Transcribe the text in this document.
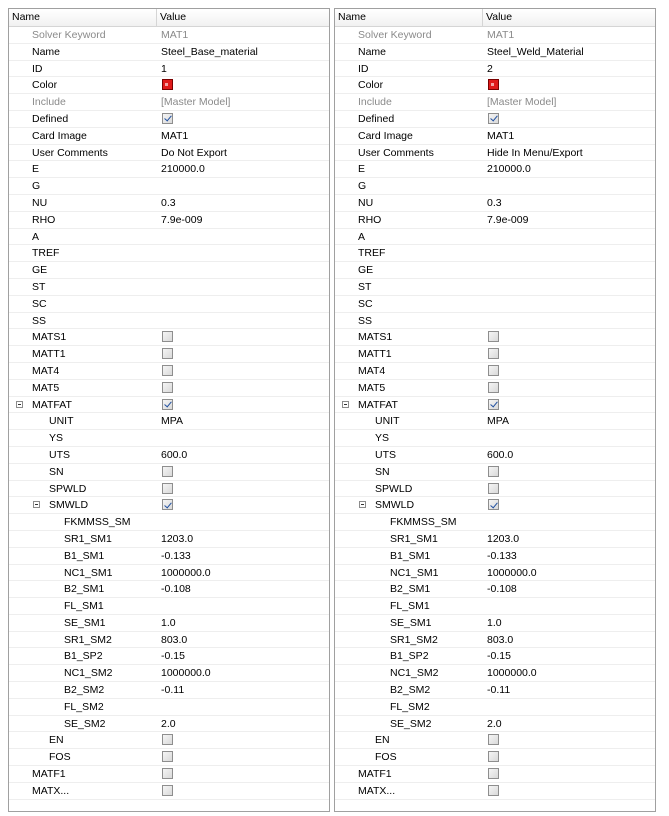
Name	Value
Solver Keyword	MAT1
Name	Steel_Base_material
ID	1
Color
Include	[Master Model]
Defined
Card Image	MAT1
User Comments	Do Not Export
E	210000.0
G
NU	0.3
RHO	7.9e-009
A
TREF
GE
ST
SC
SS
MATS1
MATT1
MAT4
MAT5
MATFAT
UNIT	MPA
YS
UTS	600.0
SN
SPWLD
SMWLD
FKMMSS_SM
SR1_SM1	1203.0
B1_SM1	-0.133
NC1_SM1	1000000.0
B2_SM1	-0.108
FL_SM1
SE_SM1	1.0
SR1_SM2	803.0
B1_SP2	-0.15
NC1_SM2	1000000.0
B2_SM2	-0.11
FL_SM2
SE_SM2	2.0
EN
FOS
MATF1
MATX...
Name	Value
Solver Keyword	MAT1
Name	Steel_Weld_Material
ID	2
Color
Include	[Master Model]
Defined
Card Image	MAT1
User Comments	Hide In Menu/Export
E	210000.0
G
NU	0.3
RHO	7.9e-009
A
TREF
GE
ST
SC
SS
MATS1
MATT1
MAT4
MAT5
MATFAT
UNIT	MPA
YS
UTS	600.0
SN
SPWLD
SMWLD
FKMMSS_SM
SR1_SM1	1203.0
B1_SM1	-0.133
NC1_SM1	1000000.0
B2_SM1	-0.108
FL_SM1
SE_SM1	1.0
SR1_SM2	803.0
B1_SP2	-0.15
NC1_SM2	1000000.0
B2_SM2	-0.11
FL_SM2
SE_SM2	2.0
EN
FOS
MATF1
MATX...
